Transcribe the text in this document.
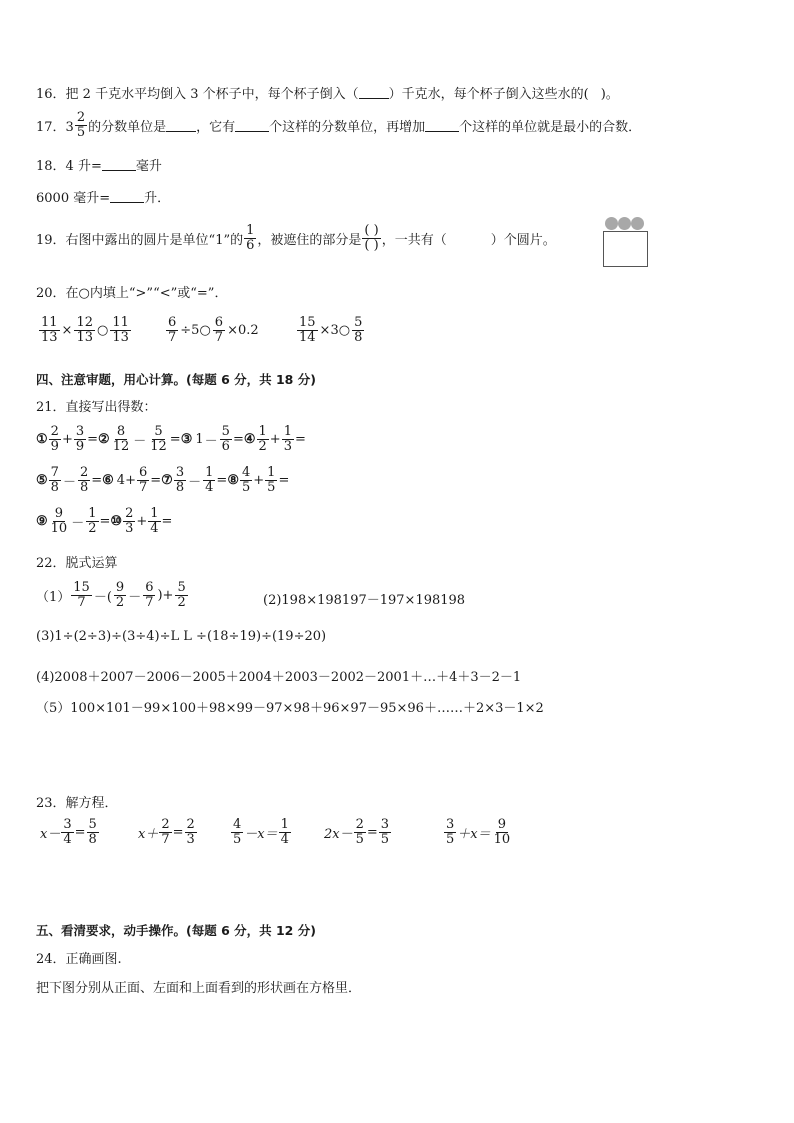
16．把 2 千克水平均倒入 3 个杯子中，每个杯子倒入（ ）千克水，每个杯子倒入这些水的( )。
17．$3 \frac{2}{5}$ 的分数单位是 ，它有	个这样的分数单位，再增加	个这样的单位就是最小的合数．
18．4 升=	毫升
6000 毫升=	升．
19．右图中露出的圆片是单位“1”的 $\frac{1}{6}$ ，被遮住的部分是 $\frac{( )}{( )}$ ，一共有（	）个圆片。
20．在○内填上“>”“<”或“=”．
$\frac{11}{13} \times \frac{12}{13}$ ○ $\frac{11}{13}$	$\frac{6}{7}$ ÷5○ $\frac{6}{7} \times 0.2$	$\frac{15}{14}$ ×3○ $\frac{5}{8}$
四、注意审题，用心计算。(每题 6 分，共 18 分)
21．直接写出得数：
① $\frac{2}{9} + \frac{3}{9}$ = ② $\frac{8}{12} - \frac{5}{12}$ = ③ $1 - \frac{5}{6}$ = ④ $\frac{1}{2} + \frac{1}{3}$ =
⑤ $\frac{7}{8} - \frac{2}{8}$ = ⑥ $4 + \frac{6}{7}$ = ⑦ $\frac{3}{8} - \frac{1}{4}$ = ⑧ $\frac{4}{5} + \frac{1}{5}$ =
⑨ $\frac{9}{10} - \frac{1}{2}$ = ⑩ $\frac{2}{3} + \frac{1}{4}$ =
22．脱式运算
$(1) \frac{15}{7}$ －( $\frac{9}{2} - \frac{6}{7}$ )+ $\frac{5}{2}$	(2)198×198197－197×198198
(3)1÷(2÷3)÷(3÷4)÷L L ÷(18÷19)÷(19÷20)
(4)2008＋2007－2006－2005＋2004＋2003－2002－2001＋…＋4＋3－2－1
（5）100×101－99×100＋98×99－97×98＋96×97－95×96＋……＋2×3－1×2
23．解方程．
$x- \frac{3}{4} = \frac{5}{8}$	$x+ \frac{2}{7} = \frac{2}{3}$	$\frac{4}{5} -x= \frac{1}{4}$	$2x- \frac{2}{5} = \frac{3}{5}$	$\frac{3}{5} +x= \frac{9}{10}$
五、看清要求，动手操作。(每题 6 分，共 12 分)
24．正确画图.
把下图分别从正面、左面和上面看到的形状画在方格里．
